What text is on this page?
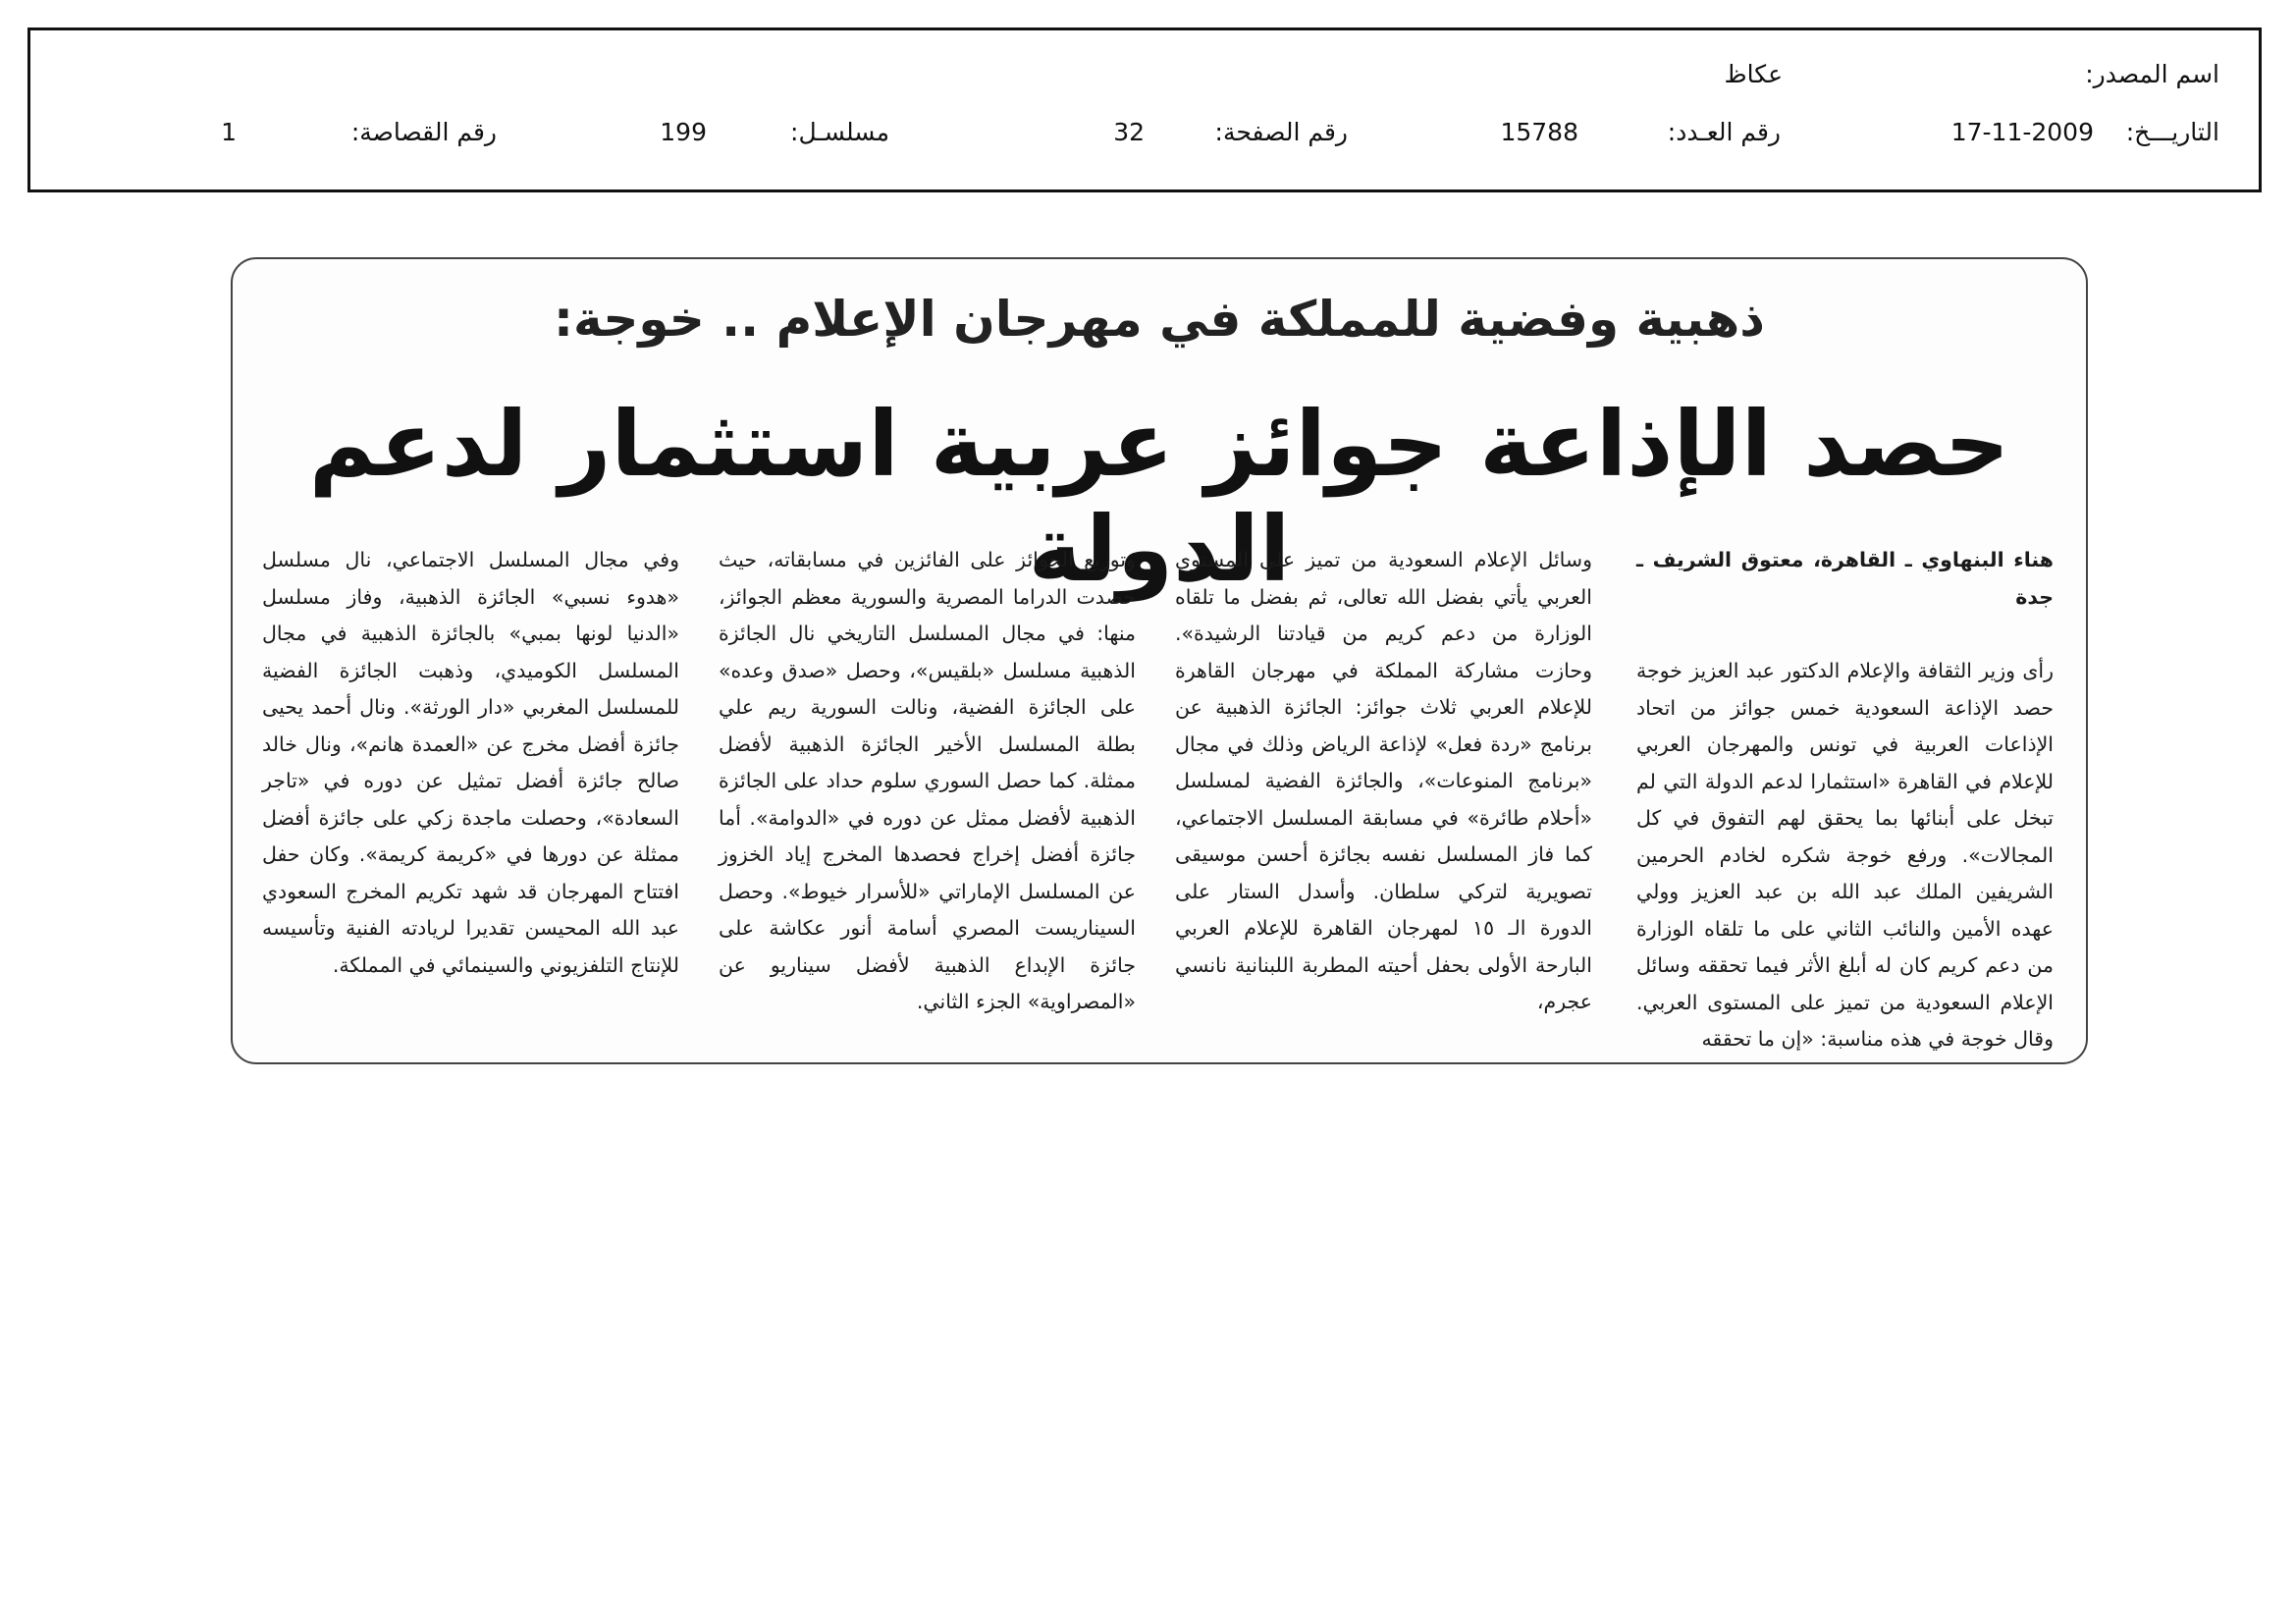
اسم المصدر:
عكاظ
التاريـــخ:
17-11-2009
رقم العـدد:
15788
رقم الصفحة:
32
مسلسـل:
199
رقم القصاصة:
1
ذهبية وفضية للمملكة في مهرجان الإعلام .. خوجة:
حصد الإذاعة جوائز عربية استثمار لدعم الدولة	هناء البنهاوي ـ القاهرة، معتوق الشريف ـ جدة

رأى وزير الثقافة والإعلام الدكتور عبد العزيز خوجة حصد الإذاعة السعودية خمس جوائز من اتحاد الإذاعات العربية في تونس والمهرجان العربي للإعلام في القاهرة «استثمارا لدعم الدولة التي لم تبخل على أبنائها بما يحقق لهم التفوق في كل المجالات». ورفع خوجة شكره لخادم الحرمين الشريفين الملك عبد الله بن عبد العزيز وولي عهده الأمين والنائب الثاني على ما تلقاه الوزارة من دعم كريم كان له أبلغ الأثر فيما تحققه وسائل الإعلام السعودية من تميز على المستوى العربي. وقال خوجة في هذه مناسبة: «إن ما تحققه

وسائل الإعلام السعودية من تميز على المستوى العربي يأتي بفضل الله تعالى، ثم بفضل ما تلقاه الوزارة من دعم كريم من قيادتنا الرشيدة». وحازت مشاركة المملكة في مهرجان القاهرة للإعلام العربي ثلاث جوائز: الجائزة الذهبية عن برنامج «ردة فعل» لإذاعة الرياض وذلك في مجال «برنامج المنوعات»، والجائزة الفضية لمسلسل «أحلام طائرة» في مسابقة المسلسل الاجتماعي، كما فاز المسلسل نفسه بجائزة أحسن موسيقى تصويرية لتركي سلطان. وأسدل الستار على الدورة الـ ١٥ لمهرجان القاهرة للإعلام العربي البارحة الأولى بحفل أحيته المطربة اللبنانية نانسي عجرم،

وتوزيع الجوائز على الفائزين في مسابقاته، حيث حصدت الدراما المصرية والسورية معظم الجوائز، منها: في مجال المسلسل التاريخي نال الجائزة الذهبية مسلسل «بلقيس»، وحصل «صدق وعده» على الجائزة الفضية، ونالت السورية ريم علي بطلة المسلسل الأخير الجائزة الذهبية لأفضل ممثلة. كما حصل السوري سلوم حداد على الجائزة الذهبية لأفضل ممثل عن دوره في «الدوامة». أما جائزة أفضل إخراج فحصدها المخرج إياد الخزوز عن المسلسل الإماراتي «للأسرار خيوط». وحصل السيناريست المصري أسامة أنور عكاشة على جائزة الإبداع الذهبية لأفضل سيناريو عن «المصراوية» الجزء الثاني.

وفي مجال المسلسل الاجتماعي، نال مسلسل «هدوء نسبي» الجائزة الذهبية، وفاز مسلسل «الدنيا لونها بمبي» بالجائزة الذهبية في مجال المسلسل الكوميدي، وذهبت الجائزة الفضية للمسلسل المغربي «دار الورثة». ونال أحمد يحيى جائزة أفضل مخرج عن «العمدة هانم»، ونال خالد صالح جائزة أفضل تمثيل عن دوره في «تاجر السعادة»، وحصلت ماجدة زكي على جائزة أفضل ممثلة عن دورها في «كريمة كريمة». وكان حفل افتتاح المهرجان قد شهد تكريم المخرج السعودي عبد الله المحيسن تقديرا لريادته الفنية وتأسيسه للإنتاج التلفزيوني والسينمائي في المملكة.
